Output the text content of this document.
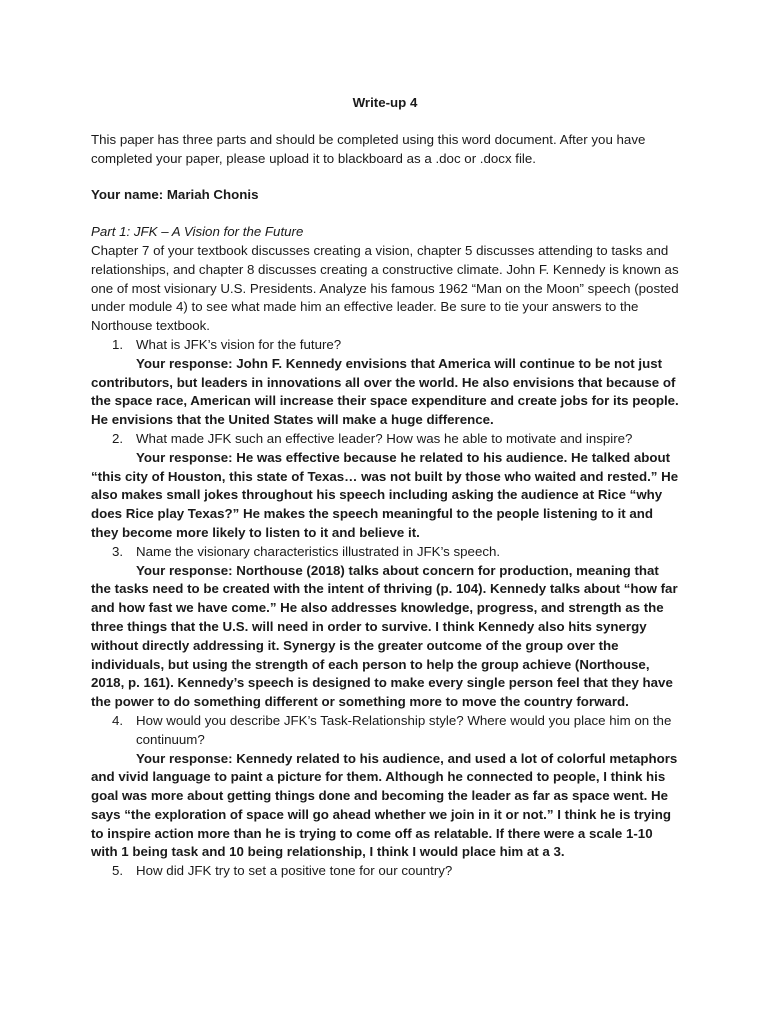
Write-up 4

This paper has three parts and should be completed using this word document. After you have completed your paper, please upload it to blackboard as a .doc or .docx file.

Your name: Mariah Chonis

Part 1: JFK – A Vision for the Future

Chapter 7 of your textbook discusses creating a vision, chapter 5 discusses attending to tasks and relationships, and chapter 8 discusses creating a constructive climate. John F. Kennedy is known as one of most visionary U.S. Presidents. Analyze his famous 1962 “Man on the Moon” speech (posted under module 4) to see what made him an effective leader. Be sure to tie your answers to the Northouse textbook.

1. What is JFK’s vision for the future?

Your response: John F. Kennedy envisions that America will continue to be not just contributors, but leaders in innovations all over the world. He also envisions that because of the space race, American will increase their space expenditure and create jobs for its people. He envisions that the United States will make a huge difference.

2. What made JFK such an effective leader? How was he able to motivate and inspire?

Your response: He was effective because he related to his audience. He talked about “this city of Houston, this state of Texas… was not built by those who waited and rested.” He also makes small jokes throughout his speech including asking the audience at Rice “why does Rice play Texas?” He makes the speech meaningful to the people listening to it and they become more likely to listen to it and believe it.

3. Name the visionary characteristics illustrated in JFK’s speech.

Your response: Northouse (2018) talks about concern for production, meaning that the tasks need to be created with the intent of thriving (p. 104). Kennedy talks about “how far and how fast we have come.” He also addresses knowledge, progress, and strength as the three things that the U.S. will need in order to survive. I think Kennedy also hits synergy without directly addressing it. Synergy is the greater outcome of the group over the individuals, but using the strength of each person to help the group achieve (Northouse, 2018, p. 161). Kennedy’s speech is designed to make every single person feel that they have the power to do something different or something more to move the country forward.

4. How would you describe JFK’s Task-Relationship style? Where would you place him on the continuum?

Your response: Kennedy related to his audience, and used a lot of colorful metaphors and vivid language to paint a picture for them. Although he connected to people, I think his goal was more about getting things done and becoming the leader as far as space went. He says “the exploration of space will go ahead whether we join in it or not.” I think he is trying to inspire action more than he is trying to come off as relatable. If there were a scale 1-10 with 1 being task and 10 being relationship, I think I would place him at a 3.

5. How did JFK try to set a positive tone for our country?
